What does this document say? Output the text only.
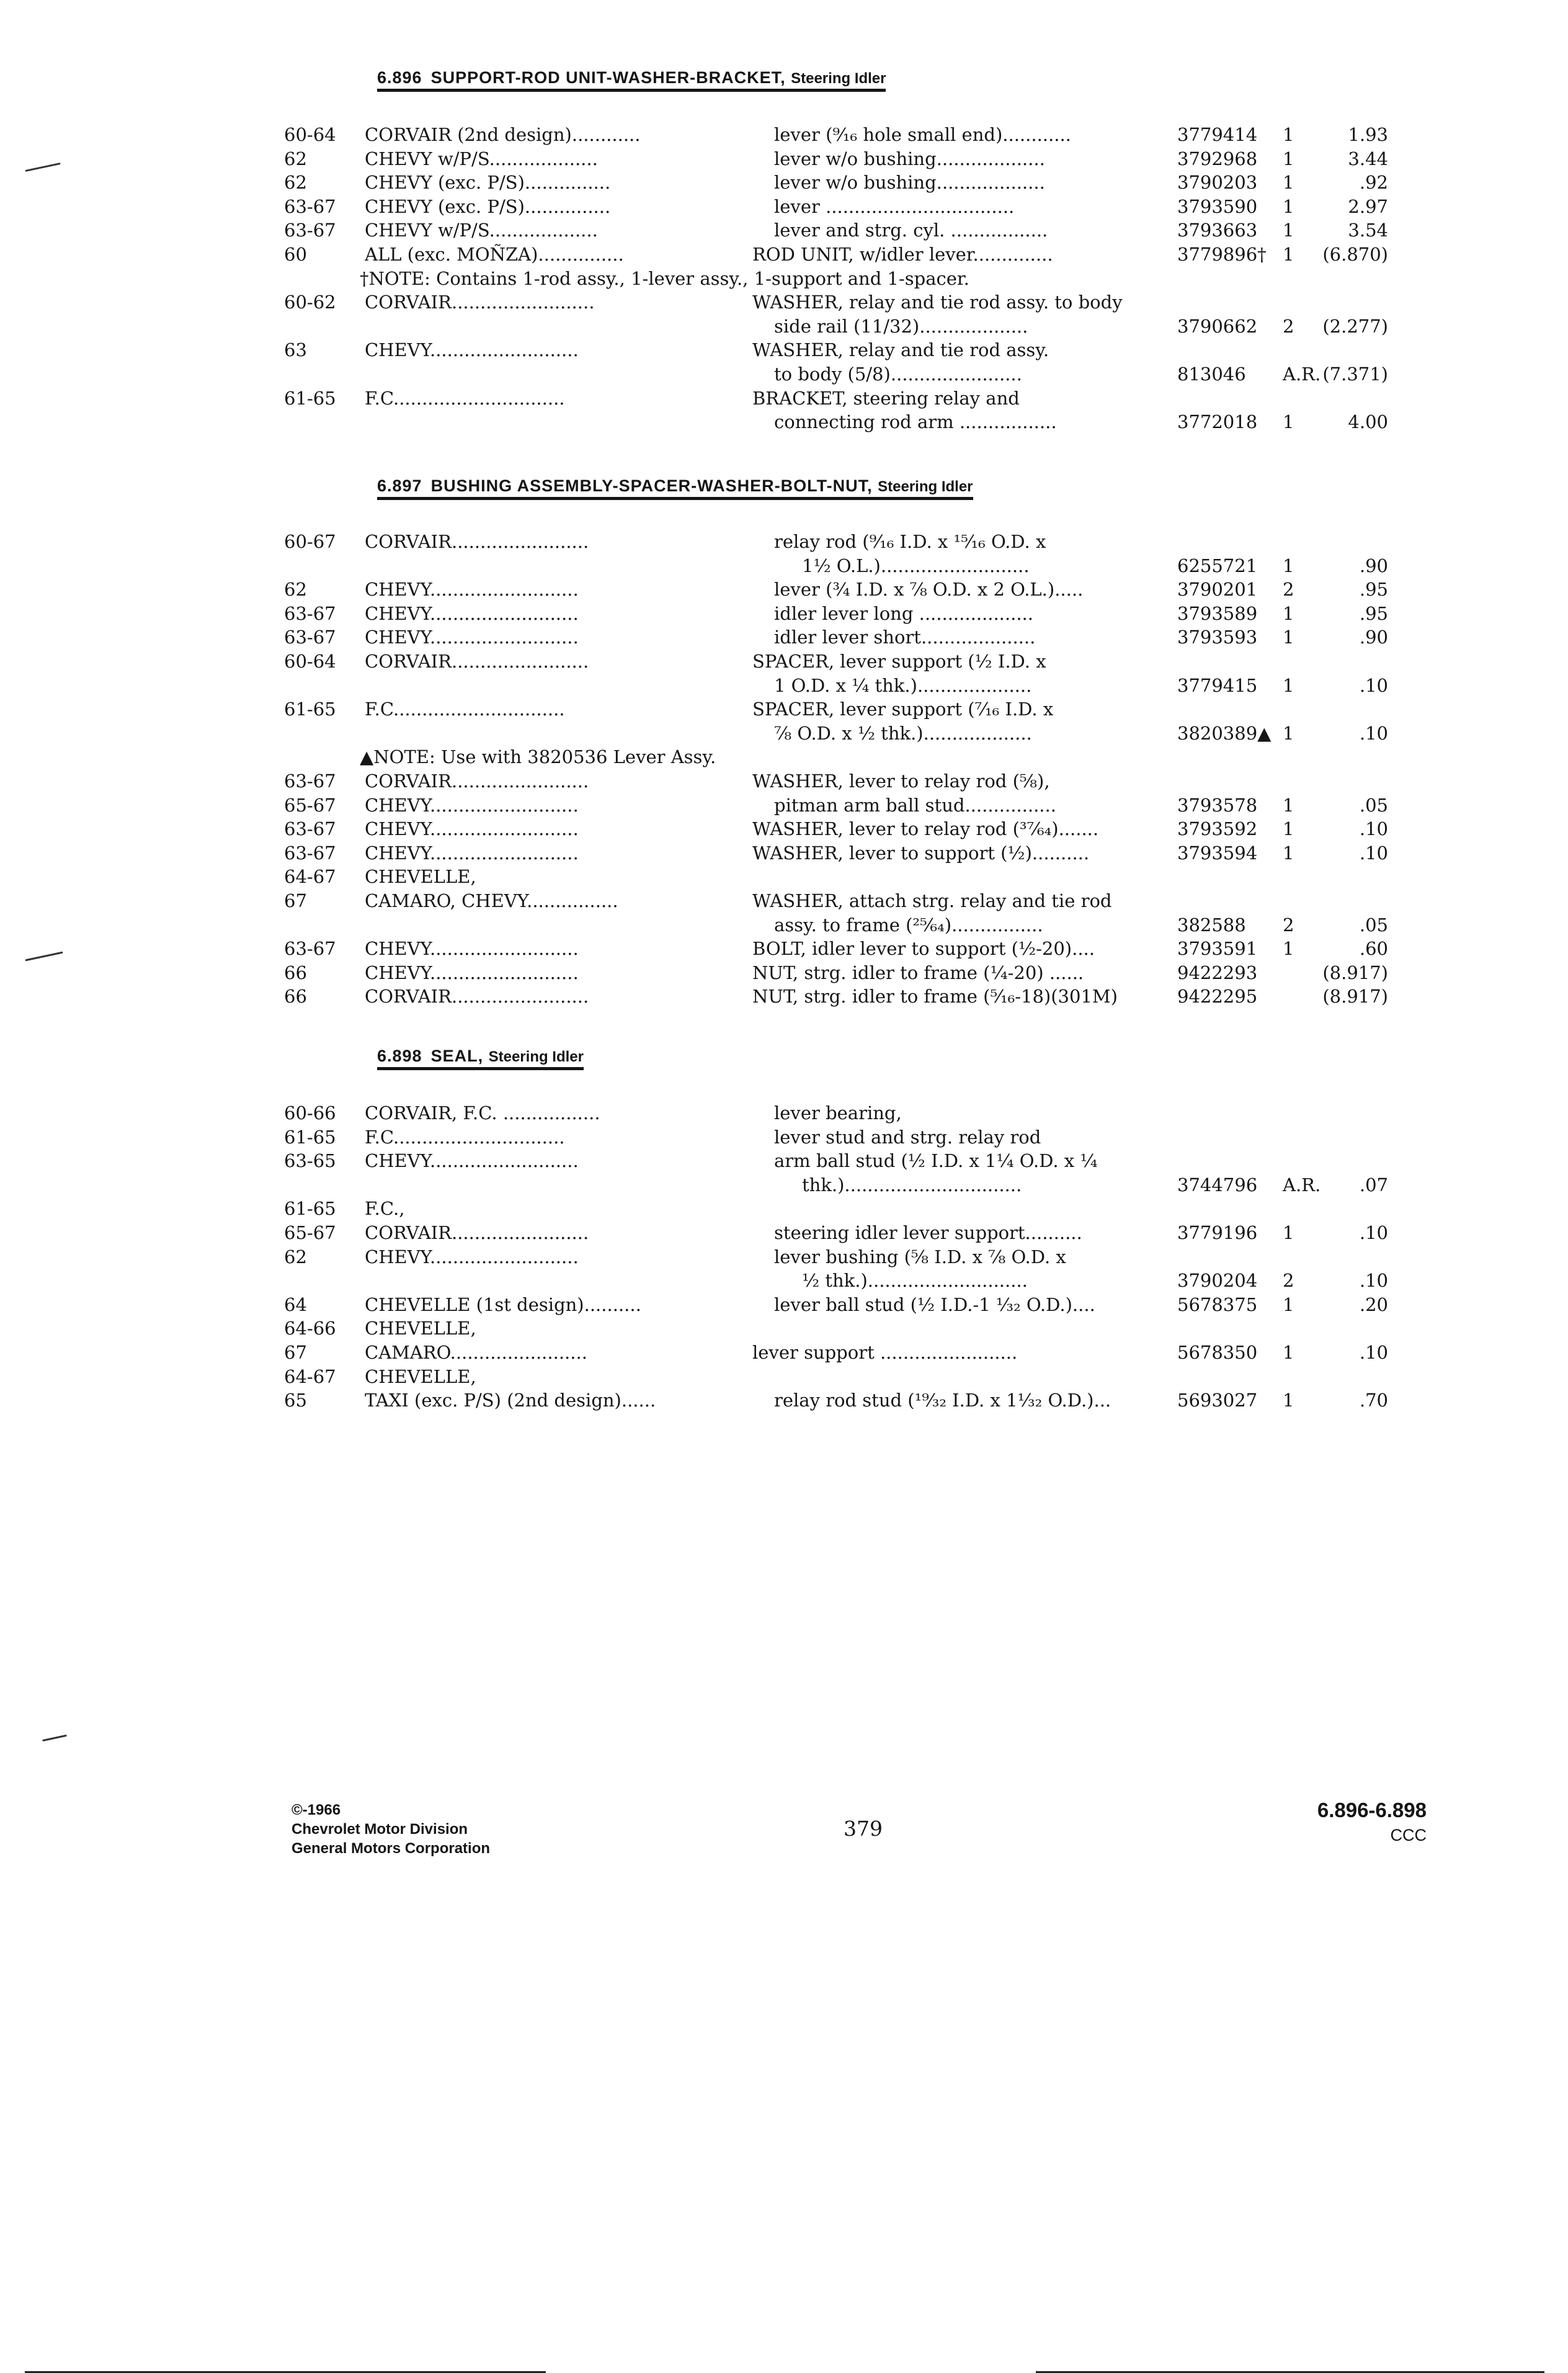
6.896 SUPPORT-ROD UNIT-WASHER-BRACKET, Steering Idler
60-64 CORVAIR (2nd design)............	lever (⁹⁄₁₆ hole small end)............	3779414 1	1.93
62	CHEVY w/P/S...................	lever w/o bushing...................	3792968 1	3.44
62	CHEVY (exc. P/S)...............	lever w/o bushing...................	3790203 1	.92
63-67 CHEVY (exc. P/S)...............	lever .................................	3793590 1	2.97
63-67 CHEVY w/P/S...................	lever and strg. cyl. .................	3793663 1	3.54
60	ALL (exc. MOÑZA)...............	ROD UNIT, w/idler lever..............	3779896† 1 (6.870)
†NOTE: Contains 1-rod assy., 1-lever assy., 1-support and 1-spacer.
60-62 CORVAIR.........................	WASHER, relay and tie rod assy. to body
side rail (11/32)...................	3790662 2 (2.277)
63	CHEVY..........................	WASHER, relay and tie rod assy.
to body (5/8).......................	813046 A.R. (7.371)
61-65 F.C..............................	BRACKET, steering relay and
connecting rod arm .................	3772018 1	4.00
6.897 BUSHING ASSEMBLY-SPACER-WASHER-BOLT-NUT, Steering Idler
60-67 CORVAIR........................	relay rod (⁹⁄₁₆ I.D. x ¹⁵⁄₁₆ O.D. x
1½ O.L.)..........................	6255721 1	.90
62	CHEVY..........................	lever (¾ I.D. x ⅞ O.D. x 2 O.L.).....	3790201 2	.95
63-67 CHEVY..........................	idler lever long ....................	3793589 1	.95
63-67 CHEVY..........................	idler lever short....................	3793593 1	.90
60-64 CORVAIR........................	SPACER, lever support (½ I.D. x
1 O.D. x ¼ thk.)....................	3779415 1	.10
61-65 F.C..............................	SPACER, lever support (⁷⁄₁₆ I.D. x
⅞ O.D. x ½ thk.)...................	3820389▲ 1	.10
▲NOTE: Use with 3820536 Lever Assy.
63-67 CORVAIR........................	WASHER, lever to relay rod (⅝),
65-67 CHEVY..........................	pitman arm ball stud................	3793578 1	.05
63-67 CHEVY..........................	WASHER, lever to relay rod (³⁷⁄₆₄).......	3793592 1	.10
63-67 CHEVY..........................	WASHER, lever to support (½)..........	3793594 1	.10
64-67 CHEVELLE,
67	CAMARO, CHEVY................	WASHER, attach strg. relay and tie rod
assy. to frame (²⁵⁄₆₄)................	382588 2	.05
63-67 CHEVY..........................	BOLT, idler lever to support (½-20)....	3793591 1	.60
66	CHEVY..........................	NUT, strg. idler to frame (¼-20) ......	9422293	(8.917)
66	CORVAIR........................	NUT, strg. idler to frame (⁵⁄₁₆-18)(301M)	9422295	(8.917)
6.898 SEAL, Steering Idler
60-66 CORVAIR, F.C. .................	lever bearing,
61-65 F.C..............................	lever stud and strg. relay rod
63-65 CHEVY..........................	arm ball stud (½ I.D. x 1¼ O.D. x ¼
thk.)...............................	3744796 A.R. .07
61-65 F.C.,
65-67 CORVAIR........................	steering idler lever support..........	3779196 1	.10
62	CHEVY..........................	lever bushing (⅝ I.D. x ⅞ O.D. x
½ thk.)............................	3790204 2	.10
64	CHEVELLE (1st design)..........	lever ball stud (½ I.D.-1 ¹⁄₃₂ O.D.)....	5678375 1	.20
64-66 CHEVELLE,
67	CAMARO........................	lever support ........................	5678350 1	.10
64-67 CHEVELLE,
65	TAXI (exc. P/S) (2nd design)......	relay rod stud (¹⁹⁄₃₂ I.D. x 1¹⁄₃₂ O.D.)...	5693027 1	.70
©-1966
Chevrolet Motor Division
General Motors Corporation
379
6.896-6.898
CCC
